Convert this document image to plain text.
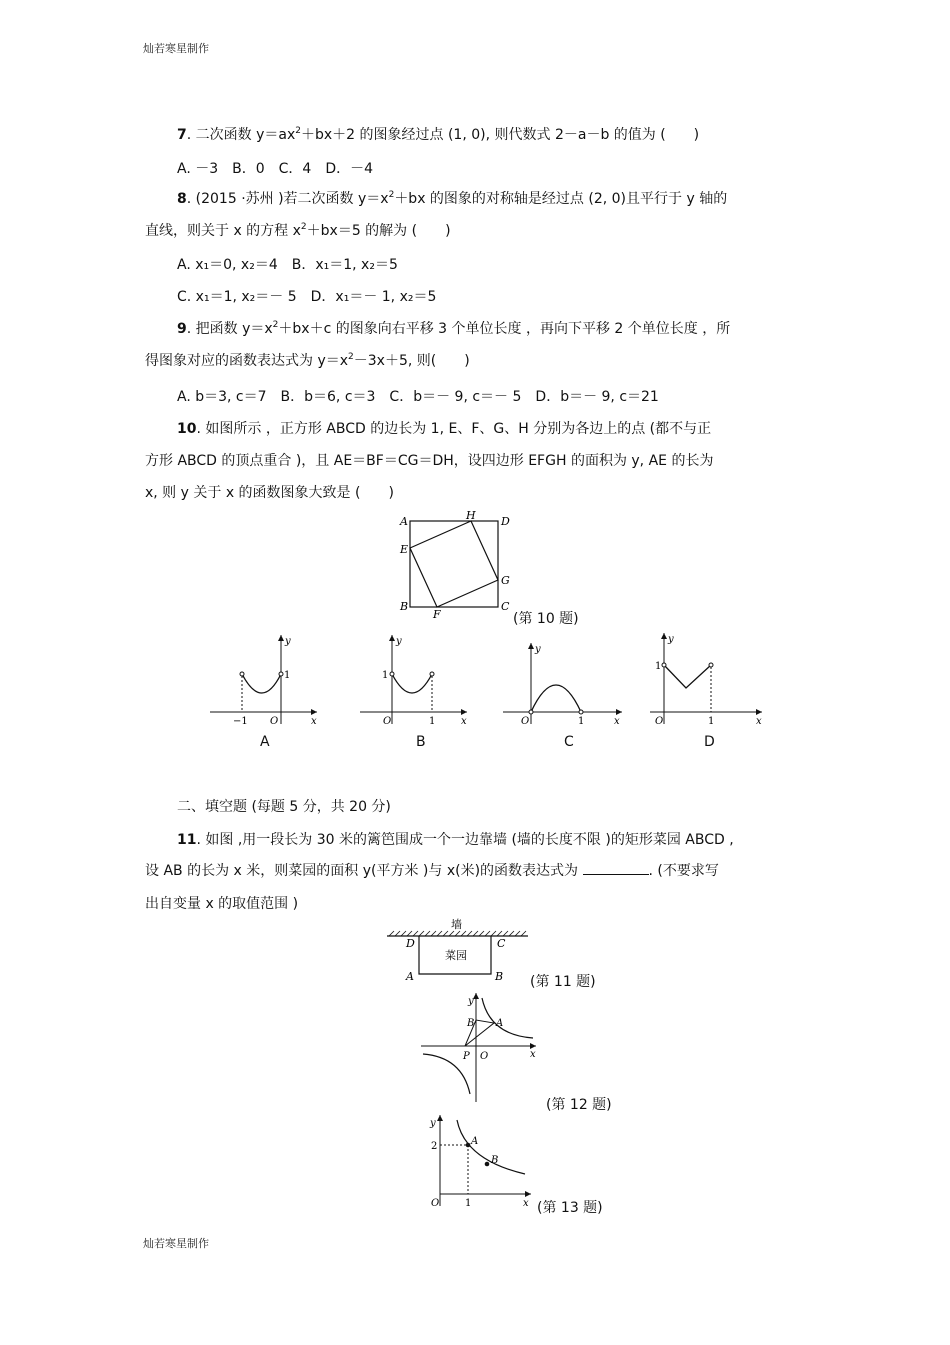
灿若寒星制作
7. 二次函数 $y=ax^2+bx+2$ 的图象经过点 (1, 0), 则代数式 2－a－b 的值为 (　　)
A. －3　B．0　C．4　D．－4
8. (2015 ·苏州 )若二次函数 $y=x^2+bx$ 的图象的对称轴是经过点 (2, 0)且平行于 y 轴的
直线，则关于 x 的方程 $x^2+bx=5$ 的解为 (　　)
A. x₁＝0, x₂＝4　B．x₁＝1, x₂＝5
C. x₁＝1, x₂＝－ 5　D．x₁＝－ 1, x₂＝5
9. 把函数 $y=x^2+bx+c$ 的图象向右平移 3 个单位长度 ，再向下平移 2 个单位长度 ，所
得图象对应的函数表达式为 $y=x^2-3x+5$, 则(　　)
A. b＝3, c＝7　B．b＝6, c＝3　C．b＝－ 9, c＝－ 5　D．b＝－ 9, c＝21
10. 如图所示 ，正方形 ABCD 的边长为 1, E、F、G、H 分别为各边上的点 (都不与正
方形 ABCD 的顶点重合 )，且 AE＝BF＝CG＝DH，设四边形 EFGH 的面积为 y, AE 的长为
x, 则 y 关于 x 的函数图象大致是 (　　)
A	H D
E
G
B
F
C
(第 10 题)
y
x
−1 O
1
A
y
x
O	1
1
B
y
x
O	1
C
y
x
1
O	1
D
二、填空题 (每题 5 分，共 20 分)
11. 如图 ,用一段长为 30 米的篱笆围成一个一边靠墙 (墙的长度不限 )的矩形菜园 ABCD ,
设 AB 的长为 x 米，则菜园的面积 y(平方米 )与 x(米)的函数表达式为	. (不要求写
出自变量 x 的取值范围 )
墙
菜园
D	C
A	B (第 11 题)
y
x
B A
P O
(第 12 题)
y
x
2
1
O
A
B
(第 13 题)
灿若寒星制作
